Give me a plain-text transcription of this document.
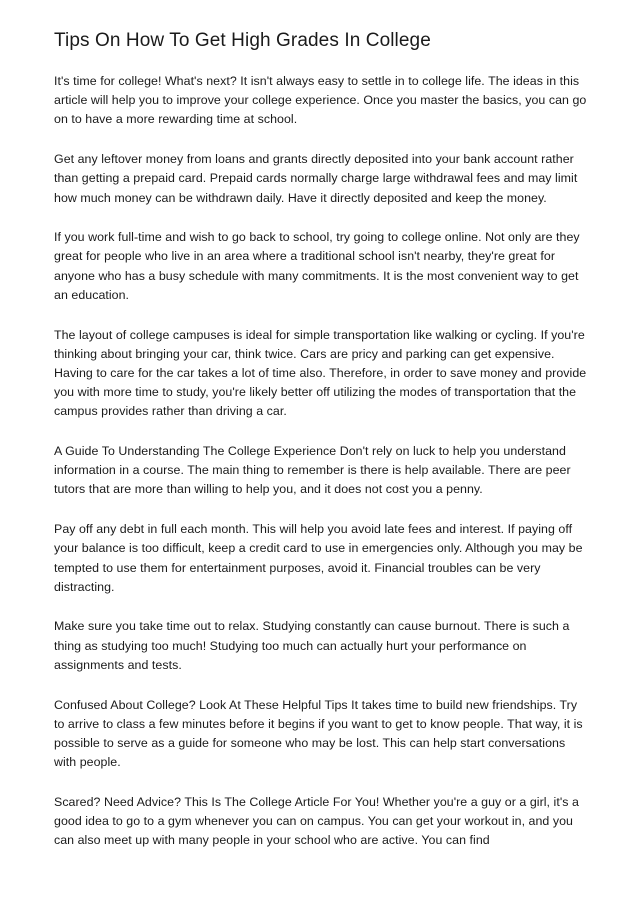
Tips On How To Get High Grades In College

It's time for college! What's next? It isn't always easy to settle in to college life. The ideas in this article will help you to improve your college experience. Once you master the basics, you can go on to have a more rewarding time at school.

Get any leftover money from loans and grants directly deposited into your bank account rather than getting a prepaid card. Prepaid cards normally charge large withdrawal fees and may limit how much money can be withdrawn daily. Have it directly deposited and keep the money.

If you work full-time and wish to go back to school, try going to college online. Not only are they great for people who live in an area where a traditional school isn't nearby, they're great for anyone who has a busy schedule with many commitments. It is the most convenient way to get an education.

The layout of college campuses is ideal for simple transportation like walking or cycling. If you're thinking about bringing your car, think twice. Cars are pricy and parking can get expensive. Having to care for the car takes a lot of time also. Therefore, in order to save money and provide you with more time to study, you're likely better off utilizing the modes of transportation that the campus provides rather than driving a car.

A Guide To Understanding The College Experience Don't rely on luck to help you understand information in a course. The main thing to remember is there is help available. There are peer tutors that are more than willing to help you, and it does not cost you a penny.

Pay off any debt in full each month. This will help you avoid late fees and interest. If paying off your balance is too difficult, keep a credit card to use in emergencies only. Although you may be tempted to use them for entertainment purposes, avoid it. Financial troubles can be very distracting.

Make sure you take time out to relax. Studying constantly can cause burnout. There is such a thing as studying too much! Studying too much can actually hurt your performance on assignments and tests.

Confused About College? Look At These Helpful Tips It takes time to build new friendships. Try to arrive to class a few minutes before it begins if you want to get to know people. That way, it is possible to serve as a guide for someone who may be lost. This can help start conversations with people.

Scared? Need Advice? This Is The College Article For You! Whether you're a guy or a girl, it's a good idea to go to a gym whenever you can on campus. You can get your workout in, and you can also meet up with many people in your school who are active. You can find
